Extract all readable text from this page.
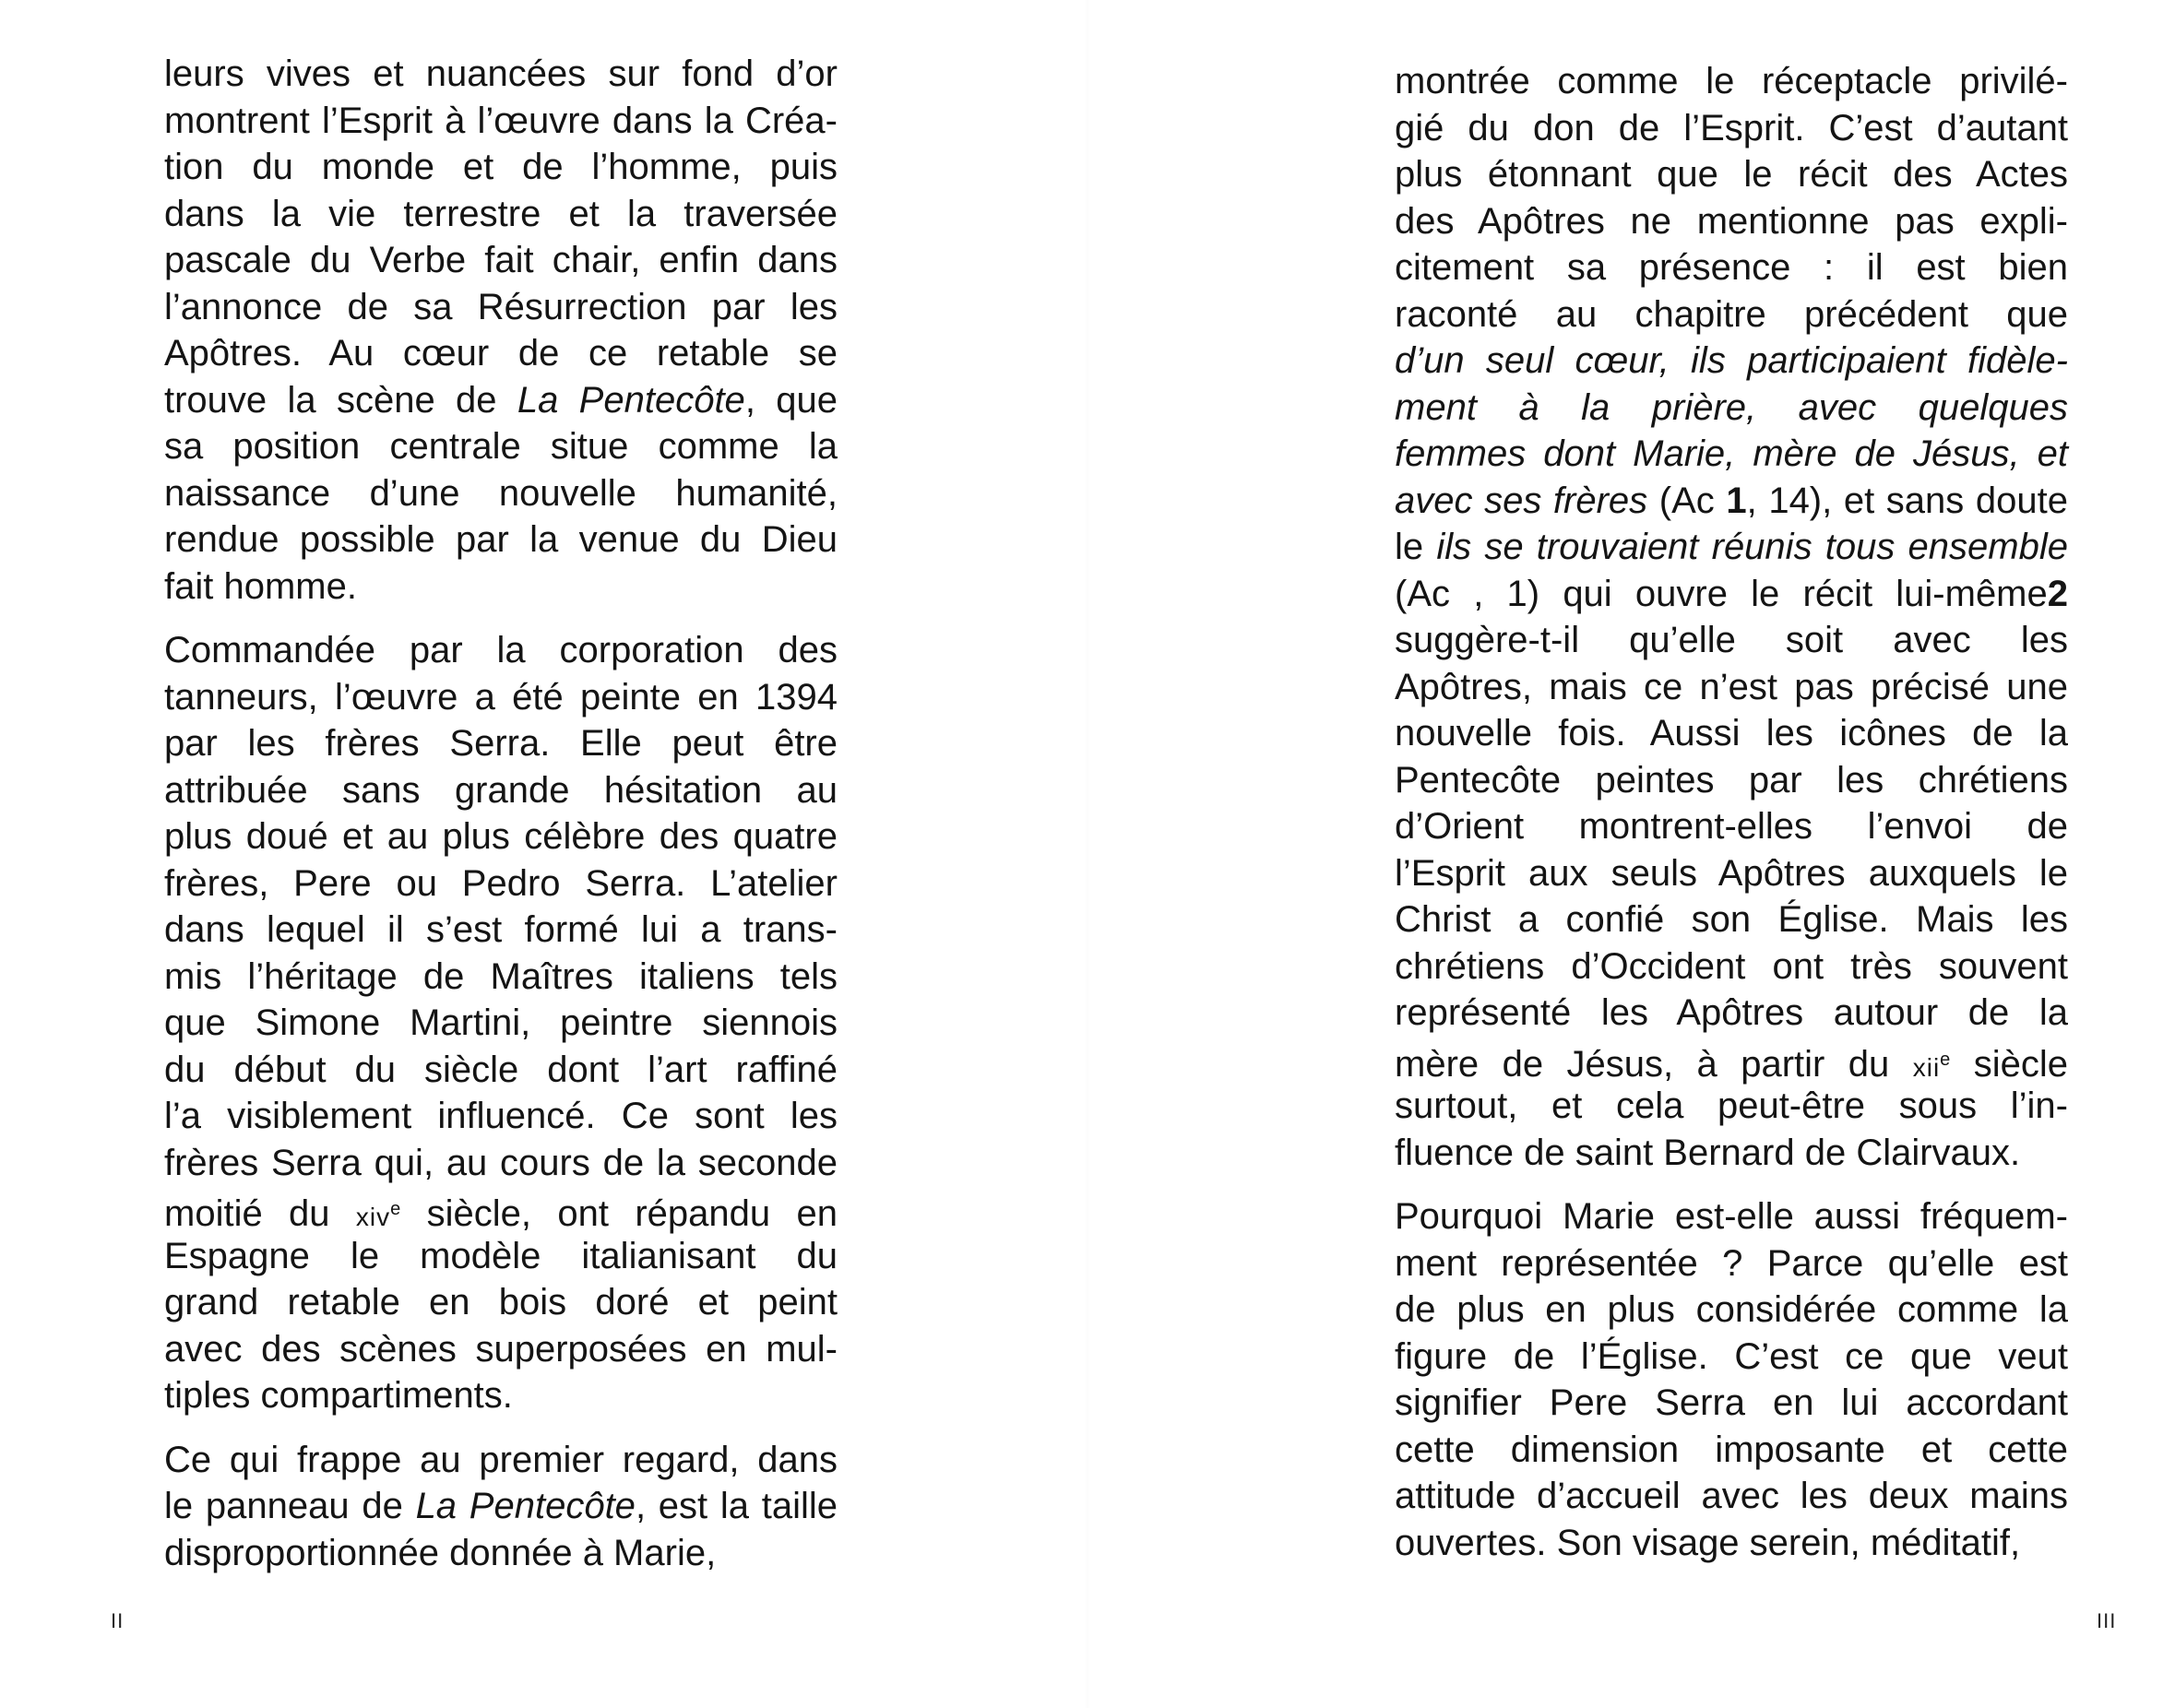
leurs vives et nuancées sur fond d’or
montrent l’Esprit à l’œuvre dans la Créa-
tion du monde et de l’homme, puis
dans la vie terrestre et la traversée
pascale du Verbe fait chair, enfin dans
l’annonce de sa Résurrection par les
Apôtres. Au cœur de ce retable se
trouve la scène de La Pentecôte, que
sa position centrale situe comme la
naissance d’une nouvelle humanité,
rendue possible par la venue du Dieu
fait homme.
Commandée par la corporation des
tanneurs, l’œuvre a été peinte en 1394
par les frères Serra. Elle peut être
attribuée sans grande hésitation au
plus doué et au plus célèbre des quatre
frères, Pere ou Pedro Serra. L’atelier
dans lequel il s’est formé lui a trans-
mis l’héritage de Maîtres italiens tels
que Simone Martini, peintre siennois
du début du siècle dont l’art raffiné
l’a visiblement influencé. Ce sont les
frères Serra qui, au cours de la seconde
moitié du xiv$^e$ siècle, ont répandu en
Espagne le modèle italianisant du
grand retable en bois doré et peint
avec des scènes superposées en mul-
tiples compartiments.
Ce qui frappe au premier regard, dans
le panneau de La Pentecôte, est la taille
disproportionnée donnée à Marie,
II
montrée comme le réceptacle privilé-
gié du don de l’Esprit. C’est d’autant
plus étonnant que le récit des Actes
des Apôtres ne mentionne pas expli-
citement sa présence : il est bien
raconté au chapitre précédent que
d’un seul cœur, ils participaient fidèle-
ment à la prière, avec quelques
femmes dont Marie, mère de Jésus, et
avec ses frères (Ac 1, 14), et sans doute
le ils se trouvaient réunis tous ensemble
(Ac , 1) qui ouvre le récit lui-même2
suggère-t-il qu’elle soit avec les
Apôtres, mais ce n’est pas précisé une
nouvelle fois. Aussi les icônes de la
Pentecôte peintes par les chrétiens
d’Orient montrent-elles l’envoi de
l’Esprit aux seuls Apôtres auxquels le
Christ a confié son Église. Mais les
chrétiens d’Occident ont très souvent
représenté les Apôtres autour de la
mère de Jésus, à partir du xii$^e$ siècle
surtout, et cela peut-être sous l’in-
fluence de saint Bernard de Clairvaux.
Pourquoi Marie est-elle aussi fréquem-
ment représentée ? Parce qu’elle est
de plus en plus considérée comme la
figure de l’Église. C’est ce que veut
signifier Pere Serra en lui accordant
cette dimension imposante et cette
attitude d’accueil avec les deux mains
ouvertes. Son visage serein, méditatif,
III
